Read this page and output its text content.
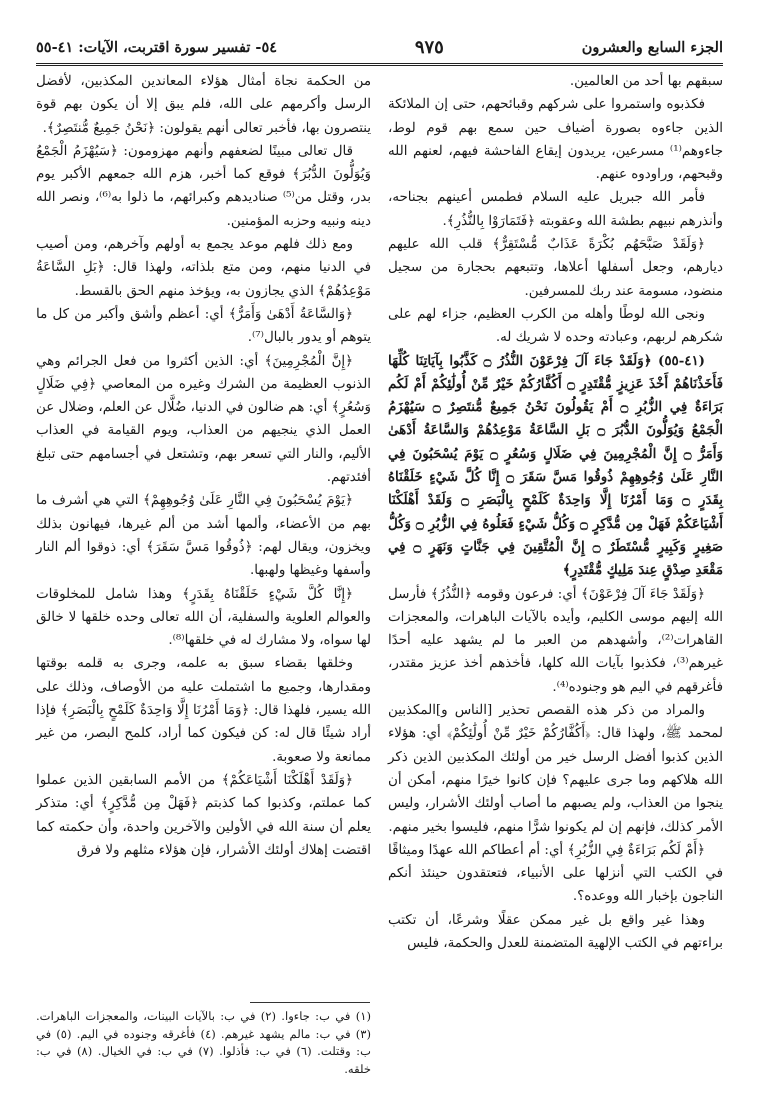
الجزء السابع والعشرون
٩٧٥
٥٤- تفسير سورة اقتربت، الآيات: ٤١-٥٥

سبقهم بها أحد من العالمين.

فكذبوه واستمروا على شركهم وقبائحهم، حتى إن الملائكة الذين جاءوه بصورة أضياف حين سمع بهم قوم لوط، جاءوهم⁽¹⁾ مسرعين، يريدون إيقاع الفاحشة فيهم، لعنهم الله وقبحهم، وراودوه عنهم.

فأمر الله جبريل عليه السلام فطمس أعينهم بجناحه، وأنذرهم نبيهم بطشة الله وعقوبته ﴿فَتَمَارَوْا بِالنُّذُرِ﴾.

﴿وَلَقَدْ صَبَّحَهُم بُكْرَةً عَذَابٌ مُّسْتَقِرٌّ﴾ قلب الله عليهم ديارهم، وجعل أسفلها أعلاها، وتتبعهم بحجارة من سجيل منضود، مسومة عند ربك للمسرفين.

ونجى الله لوطًا وأهله من الكرب العظيم، جزاء لهم على شكرهم لربهم، وعبادته وحده لا شريك له.

(٤١-٥٥) ﴿وَلَقَدْ جَاءَ آلَ فِرْعَوْنَ النُّذُرُ ۝ كَذَّبُوا بِآيَاتِنَا كُلِّهَا فَأَخَذْنَاهُمْ أَخْذَ عَزِيزٍ مُّقْتَدِرٍ ۝ أَكُفَّارُكُمْ خَيْرٌ مِّنْ أُولَٰئِكُمْ أَمْ لَكُم بَرَاءَةٌ فِي الزُّبُرِ ۝ أَمْ يَقُولُونَ نَحْنُ جَمِيعٌ مُّنتَصِرٌ ۝ سَيُهْزَمُ الْجَمْعُ وَيُوَلُّونَ الدُّبُرَ ۝ بَلِ السَّاعَةُ مَوْعِدُهُمْ وَالسَّاعَةُ أَدْهَىٰ وَأَمَرُّ ۝ إِنَّ الْمُجْرِمِينَ فِي ضَلَالٍ وَسُعُرٍ ۝ يَوْمَ يُسْحَبُونَ فِي النَّارِ عَلَىٰ وُجُوهِهِمْ ذُوقُوا مَسَّ سَقَرَ ۝ إِنَّا كُلَّ شَيْءٍ خَلَقْنَاهُ بِقَدَرٍ ۝ وَمَا أَمْرُنَا إِلَّا وَاحِدَةٌ كَلَمْحٍ بِالْبَصَرِ ۝ وَلَقَدْ أَهْلَكْنَا أَشْيَاعَكُمْ فَهَلْ مِن مُّدَّكِرٍ ۝ وَكُلُّ شَيْءٍ فَعَلُوهُ فِي الزُّبُرِ ۝ وَكُلُّ صَغِيرٍ وَكَبِيرٍ مُّسْتَطَرٌ ۝ إِنَّ الْمُتَّقِينَ فِي جَنَّاتٍ وَنَهَرٍ ۝ فِي مَقْعَدِ صِدْقٍ عِندَ مَلِيكٍ مُّقْتَدِرٍ﴾

﴿وَلَقَدْ جَاءَ آلَ فِرْعَوْنَ﴾ أي: فرعون وقومه ﴿النُّذُرُ﴾ فأرسل الله إليهم موسى الكليم، وأيده بالآيات الباهرات، والمعجزات القاهرات⁽²⁾، وأشهدهم من العبر ما لم يشهد عليه أحدًا غيرهم⁽³⁾، فكذبوا بآيات الله كلها، فأخذهم أخذ عزيز مقتدر، فأغرقهم في اليم هو وجنوده⁽⁴⁾.

والمراد من ذكر هذه القصص تحذير [الناس و]المكذبين لمحمد ﷺ، ولهذا قال: ﴿أَكُفَّارُكُمْ خَيْرٌ مِّنْ أُولَٰئِكُمْ﴾ أي: هؤلاء الذين كذبوا أفضل الرسل خير من أولئك المكذبين الذين ذكر الله هلاكهم وما جرى عليهم؟ فإن كانوا خيرًا منهم، أمكن أن ينجوا من العذاب، ولم يصبهم ما أصاب أولئك الأشرار، وليس الأمر كذلك، فإنهم إن لم يكونوا شرًّا منهم، فليسوا بخير منهم.

﴿أَمْ لَكُم بَرَاءَةٌ فِي الزُّبُرِ﴾ أي: أم أعطاكم الله عهدًا وميثاقًا في الكتب التي أنزلها على الأنبياء، فتعتقدون حينئذ أنكم الناجون بإخبار الله ووعده؟.

وهذا غير واقع بل غير ممكن عقلًا وشرعًا، أن تكتب براءتهم في الكتب الإلهية المتضمنة للعدل والحكمة، فليس

من الحكمة نجاة أمثال هؤلاء المعاندين المكذبين، لأفضل الرسل وأكرمهم على الله، فلم يبق إلا أن يكون بهم قوة ينتصرون بها، فأخبر تعالى أنهم يقولون: ﴿نَحْنُ جَمِيعٌ مُّنتَصِرٌ﴾.

قال تعالى مبينًا لضعفهم وأنهم مهزومون: ﴿سَيُهْزَمُ الْجَمْعُ وَيُوَلُّونَ الدُّبُرَ﴾ فوقع كما أخبر، هزم الله جمعهم الأكبر يوم بدر، وقتل من⁽⁵⁾ صناديدهم وكبرائهم، ما ذلوا به⁽⁶⁾، ونصر الله دينه ونبيه وحزبه المؤمنين.

ومع ذلك فلهم موعد يجمع به أولهم وآخرهم، ومن أصيب في الدنيا منهم، ومن متع بلذاته، ولهذا قال: ﴿بَلِ السَّاعَةُ مَوْعِدُهُمْ﴾ الذي يجازون به، ويؤخذ منهم الحق بالقسط.

﴿وَالسَّاعَةُ أَدْهَىٰ وَأَمَرُّ﴾ أي: أعظم وأشق وأكبر من كل ما يتوهم أو يدور بالبال⁽⁷⁾.

﴿إِنَّ الْمُجْرِمِينَ﴾ أي: الذين أكثروا من فعل الجرائم وهي الذنوب العظيمة من الشرك وغيره من المعاصي ﴿فِي ضَلَالٍ وَسُعُرٍ﴾ أي: هم ضالون في الدنيا، ضُلَّال عن العلم، وضلال عن العمل الذي ينجيهم من العذاب، ويوم القيامة في العذاب الأليم، والنار التي تسعر بهم، وتشتعل في أجسامهم حتى تبلغ أفئدتهم.

﴿يَوْمَ يُسْحَبُونَ فِي النَّارِ عَلَىٰ وُجُوهِهِمْ﴾ التي هي أشرف ما بهم من الأعضاء، وألمها أشد من ألم غيرها، فيهانون بذلك ويخزون، ويقال لهم: ﴿ذُوقُوا مَسَّ سَقَرَ﴾ أي: ذوقوا ألم النار وأسفها وغيظها ولهبها.

﴿إِنَّا كُلَّ شَيْءٍ خَلَقْنَاهُ بِقَدَرٍ﴾ وهذا شامل للمخلوقات والعوالم العلوية والسفلية، أن الله تعالى وحده خلقها لا خالق لها سواه، ولا مشارك له في خلقها⁽⁸⁾.

وخلقها بقضاء سبق به علمه، وجرى به قلمه بوقتها ومقدارها، وجميع ما اشتملت عليه من الأوصاف، وذلك على الله يسير، فلهذا قال: ﴿وَمَا أَمْرُنَا إِلَّا وَاحِدَةٌ كَلَمْحٍ بِالْبَصَرِ﴾ فإذا أراد شيئًا قال له: كن فيكون كما أراد، كلمح البصر، من غير ممانعة ولا صعوبة.

﴿وَلَقَدْ أَهْلَكْنَا أَشْيَاعَكُمْ﴾ من الأمم السابقين الذين عملوا كما عملتم، وكذبوا كما كذبتم ﴿فَهَلْ مِن مُّدَّكِرٍ﴾ أي: متذكر يعلم أن سنة الله في الأولين والآخرين واحدة، وأن حكمته كما اقتضت إهلاك أولئك الأشرار، فإن هؤلاء مثلهم ولا فرق

(١) في ب: جاءوا. (٢) في ب: بالآيات البينات، والمعجزات الباهرات. (٣) في ب: مالم يشهد غيرهم. (٤) فأغرقه وجنوده في اليم. (٥) في ب: وقتلت. (٦) في ب: فأذلوا. (٧) في ب: في الخيال. (٨) في ب: خلقه.
